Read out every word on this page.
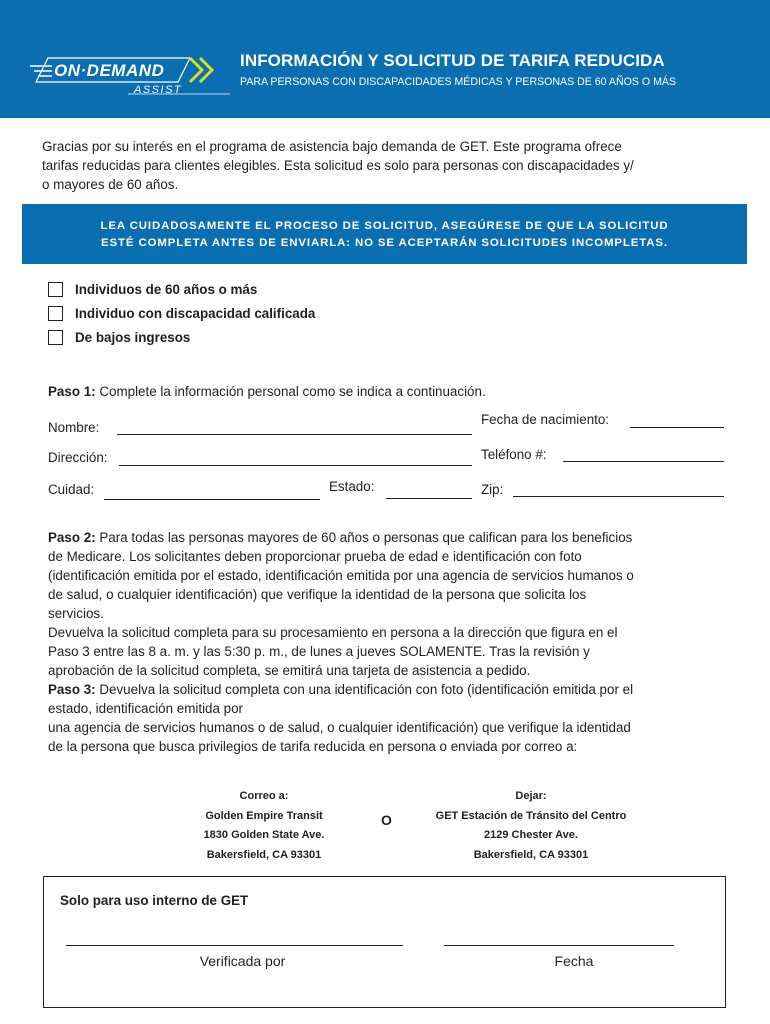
ON·DEMAND
ASSIST
INFORMACIÓN Y SOLICITUD DE TARIFA REDUCIDA
PARA PERSONAS CON DISCAPACIDADES MÉDICAS Y PERSONAS DE 60 AÑOS O MÁS
Gracias por su interés en el programa de asistencia bajo demanda de GET. Este programa ofrece
tarifas reducidas para clientes elegibles. Esta solicitud es solo para personas con discapacidades y/
o mayores de 60 años.
LEA CUIDADOSAMENTE EL PROCESO DE SOLICITUD, ASEGÚRESE DE QUE LA SOLICITUD
ESTÉ COMPLETA ANTES DE ENVIARLA: NO SE ACEPTARÁN SOLICITUDES INCOMPLETAS.
Individuos de 60 años o más
Individuo con discapacidad calificada
De bajos ingresos
Paso 1: Complete la información personal como se indica a continuación.
Nombre:
Fecha de nacimiento:
Dirección:	Teléfono #:
Cuidad:	Estado:	Zip:

Paso 2: Para todas las personas mayores de 60 años o personas que califican para los beneficios

de Medicare. Los solicitantes deben proporcionar prueba de edad e identificación con foto

(identificación emitida por el estado, identificación emitida por una agencia de servicios humanos o

de salud, o cualquier identificación) que verifique la identidad de la persona que solicita los

servicios.

Devuelva la solicitud completa para su procesamiento en persona a la dirección que figura en el

Paso 3 entre las 8 a. m. y las 5:30 p. m., de lunes a jueves SOLAMENTE. Tras la revisión y

aprobación de la solicitud completa, se emitirá una tarjeta de asistencia a pedido.

Paso 3: Devuelva la solicitud completa con una identificación con foto (identificación emitida por el

estado, identificación emitida por

una agencia de servicios humanos o de salud, o cualquier identificación) que verifique la identidad

de la persona que busca privilegios de tarifa reducida en persona o enviada por correo a:

Correo a:
Golden Empire Transit
1830 Golden State Ave.
Bakersfield, CA 93301
O
Dejar:
GET Estación de Tránsito del Centro
2129 Chester Ave.
Bakersfield, CA 93301
Solo para uso interno de GET
Verificada por	Fecha
